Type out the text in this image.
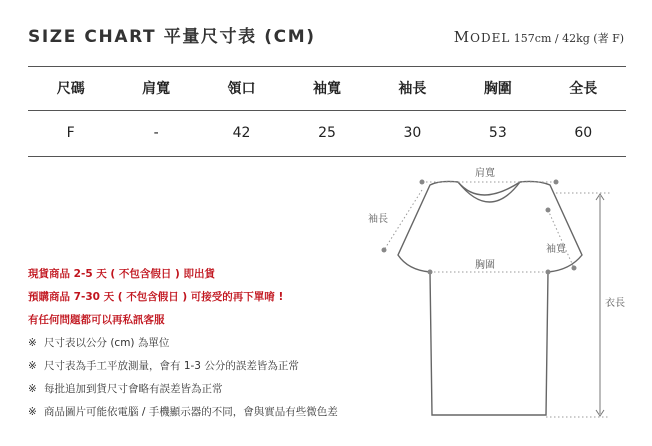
SIZE CHART 平量尺寸表 (CM)	MODEL 157cm / 42kg (著 F)
尺碼	肩寬	領口	袖寬	袖長	胸圍	全長
F	-	42	25	30	53	60
現貨商品 2-5 天 ( 不包含假日 ) 即出貨
預購商品 7-30 天 ( 不包含假日 ) 可接受的再下單唷 !
有任何問題都可以再私訊客服
※ 尺寸表以公分 (cm) 為單位
※ 尺寸表為手工平放測量，會有 1-3 公分的誤差皆為正常
※ 每批追加到貨尺寸會略有誤差皆為正常
※ 商品圖片可能依電腦 / 手機顯示器的不同，會與實品有些微色差
肩寬
袖長
袖寬
胸圍
衣長
